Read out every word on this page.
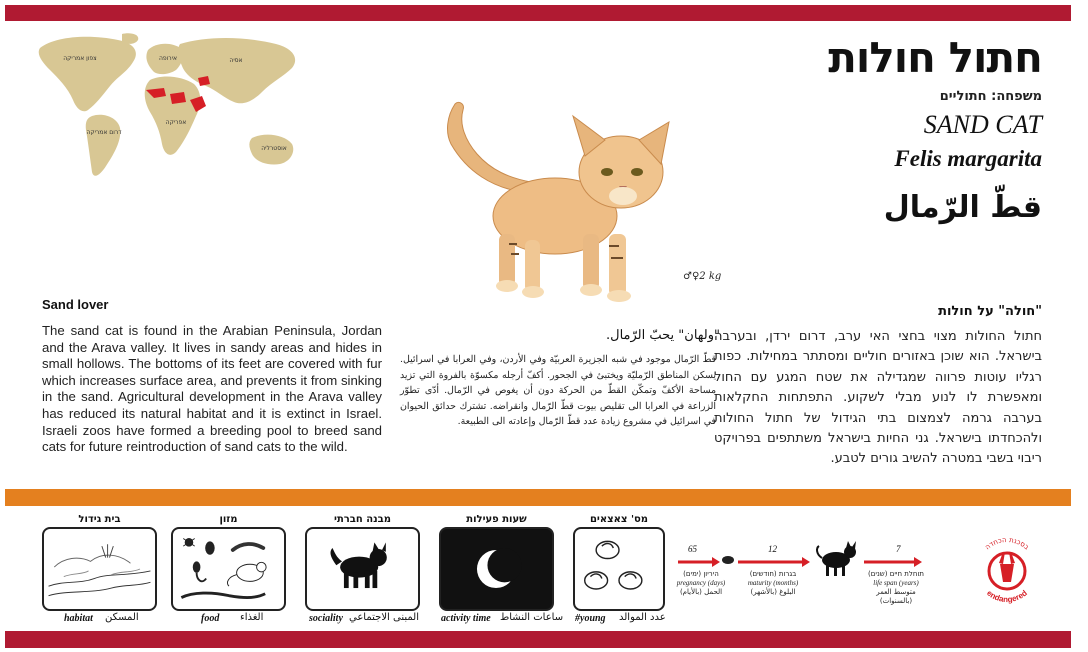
צפון אמריקה	אירופה	אסיה
אפריקה
דרום אמריקה
אוסטרליה
חתול חולות
משפחה: חתוליים
SAND CAT
Felis margarita
قطّ الرّمال
♂♀2 kg
Sand lover
The sand cat is found in the Arabian Peninsula, Jordan and the Arava valley. It lives in sandy areas and hides in small hollows. The bottoms of its feet are covered with fur which increases surface area, and prevents it from sinking in the sand. Agricultural development in the Arava valley has reduced its natural habitat and it is extinct in Israel. Israeli zoos have formed a breeding pool to breed sand cats for future reintroduction of sand cats to the wild.
"ولهان" يحبّ الرّمال.
قطّ الرّمال موجود في شبه الجزيرة العربيّة وفي الأردن، وفي العرابا في اسرائيل. يسكن المناطق الرّمليّة ويختبئ في الجحور. أكفّ أرجله مكسوّة بالفروة التي تزيد مساحة الأكفّ وتمكّن القطّ من الحركة دون أن يغوص في الرّمال. أدّى تطوّر الزراعة في العرابا الى تقليص بيوت قطّ الرّمال وانقراضه. تشترك حدائق الحيوان في اسرائيل في مشروع زيادة عدد قطّ الرّمال وإعادته الى الطبيعة.
"חולה" על חולות
חתול החולות מצוי בחצי האי ערב, דרום ירדן, ובערבה בישראל. הוא שוכן באזורים חוליים ומסתתר במחילות. כפות רגליו עוטות פרווה שמגדילה את שטח המגע עם החול ומאפשרת לו לנוע מבלי לשקוע. התפתחות החקלאות בערבה גרמה לצמצום בתי הגידול של חתול החולות ולהכחדתו בישראל. גני החיות בישראל משתתפים בפרויקט ריבוי בשבי במטרה להשיב גורים לטבע.
בית גידול
habitat المسكن
מזון
food الغذاء
מבנה חברתי
sociality المبنى الاجتماعي
שעות פעילות
activity time ساعات النشاط
מס' צאצאים
#young عدد الموالد
65
היריון (ימים)
pregnancy (days)
الحمل (بالأيام)
12
בגרות (חודשים)
maturity (months)
البلوغ (بالأشهر)
7
תוחלת חיים (שנים)
life span (years)
متوسط العمر (بالسنوات)
בסכנת הכחדה
endangered
